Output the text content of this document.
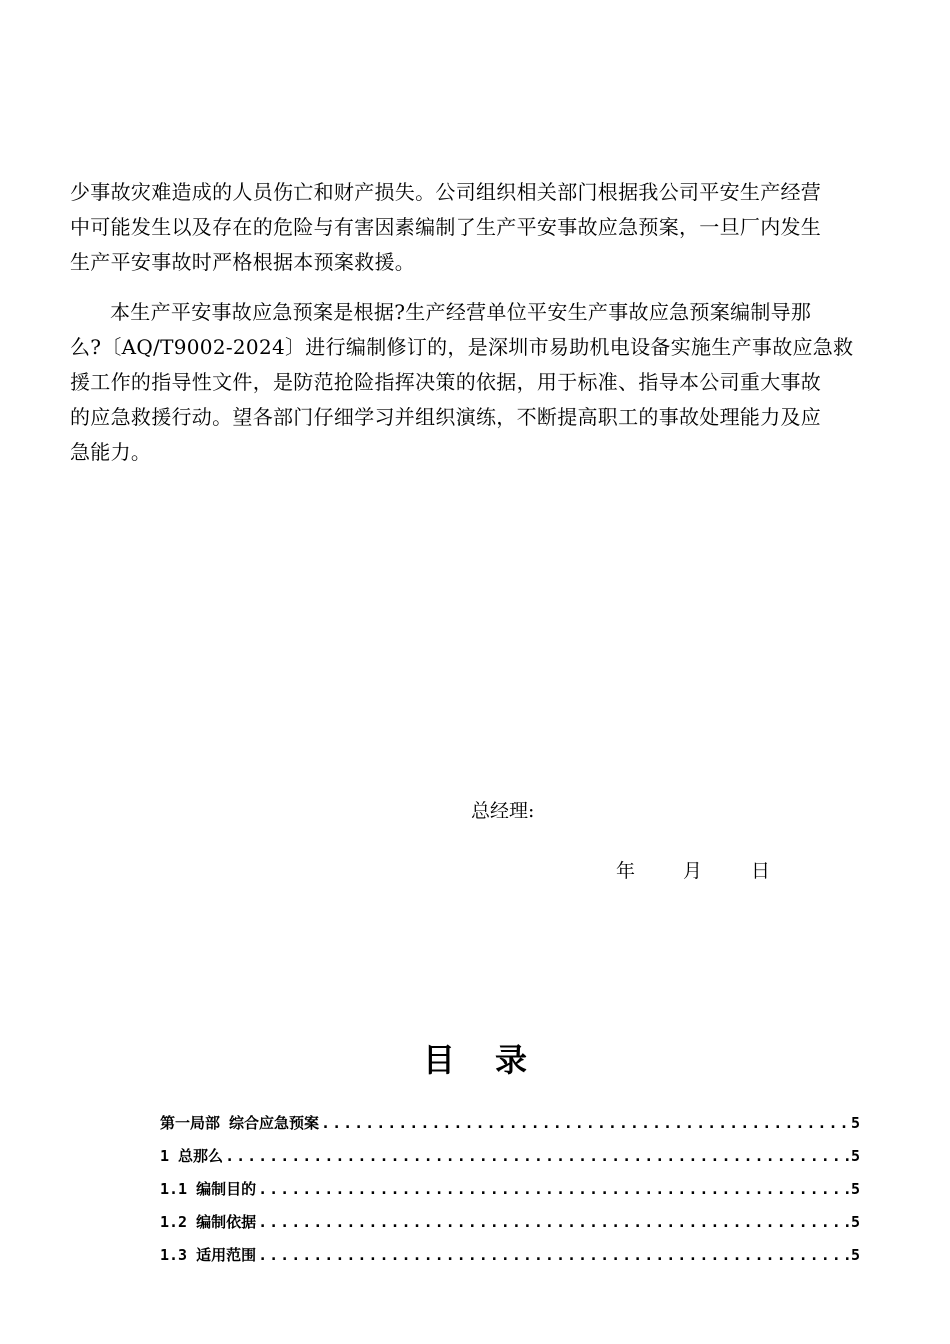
少事故灾难造成的人员伤亡和财产损失。公司组织相关部门根据我公司平安生产经营
中可能发生以及存在的危险与有害因素编制了生产平安事故应急预案，一旦厂内发生
生产平安事故时严格根据本预案救援。

本生产平安事故应急预案是根据?生产经营单位平安生产事故应急预案编制导那
么?〔AQ/T9002-2024〕进行编制修订的，是深圳市易助机电设备实施生产事故应急救
援工作的指导性文件，是防范抢险指挥决策的依据，用于标准、指导本公司重大事故
的应急救援行动。望各部门仔细学习并组织演练，不断提高职工的事故处理能力及应
急能力。

总经理:
年	月	日
目录
第一局部 综合应急预案 .....	5
1 总那么 .....	5
1.1 编制目的 .....	5
1.2 编制依据 .....	5
1.3 适用范围 .....	5
